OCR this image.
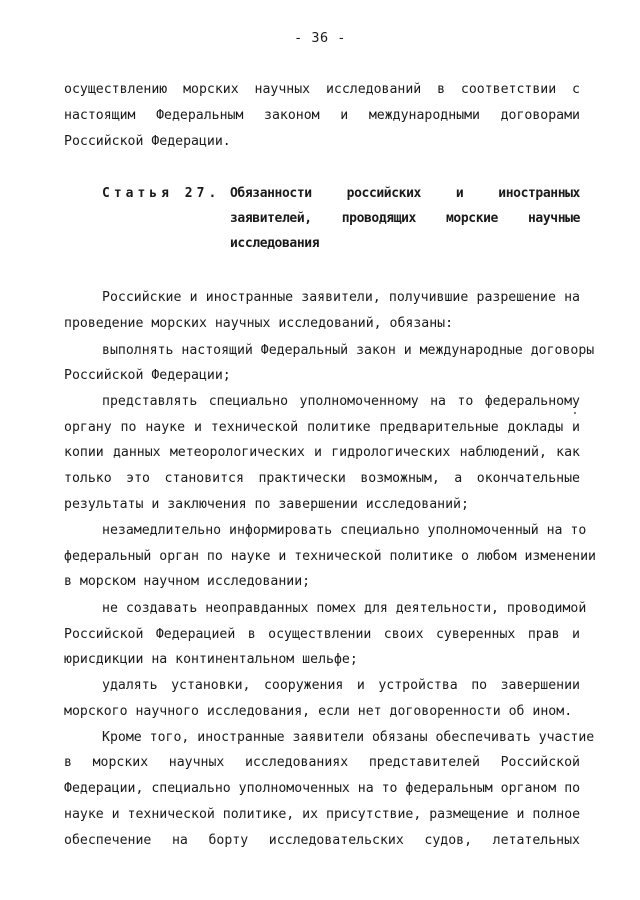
- 36 -
осуществлению морских научных исследований в соответствии с
настоящим Федеральным законом и международными договорами
Российской Федерации.
Статья 27. Обязанности российских и иностранных
заявителей, проводящих морские научные
исследования
Российские и иностранные заявители, получившие разрешение на
проведение морских научных исследований, обязаны:
выполнять настоящий Федеральный закон и международные договоры
Российской Федерации;
представлять специально уполномоченному на то федеральному
органу по науке и технической политике предварительные доклады и
копии данных метеорологических и гидрологических наблюдений, как
только это становится практически возможным, а окончательные
результаты и заключения по завершении исследований;
незамедлительно информировать специально уполномоченный на то
федеральный орган по науке и технической политике о любом изменении
в морском научном исследовании;
не создавать неоправданных помех для деятельности, проводимой
Российской Федерацией в осуществлении своих суверенных прав и
юрисдикции на континентальном шельфе;
удалять установки, сооружения и устройства по завершении
морского научного исследования, если нет договоренности об ином.
Кроме того, иностранные заявители обязаны обеспечивать участие
в морских научных исследованиях представителей Российской
Федерации, специально уполномоченных на то федеральным органом по
науке и технической политике, их присутствие, размещение и полное
обеспечение на борту исследовательских судов, летательных
